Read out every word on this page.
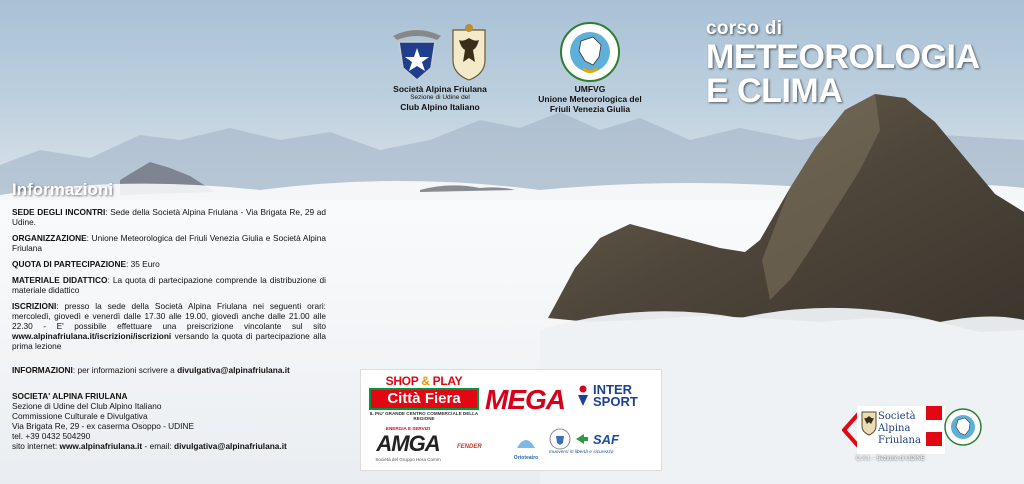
Società Alpina Friulana
Sezione di Udine del
Club Alpino Italiano
UMFVG
Unione Meteorologica del
Friuli Venezia Giulia
corso di
METEOROLOGIA
E CLIMA
Informazioni

SEDE DEGLI INCONTRI: Sede della Società Alpina Friulana - Via Brigata Re, 29 ad Udine.

ORGANIZZAZIONE: Unione Meteorologica del Friuli Venezia Giulia e Società Alpina Friulana

QUOTA DI PARTECIPAZIONE: 35 Euro

MATERIALE DIDATTICO: La quota di partecipazione comprende la distribuzione di materiale didattico

ISCRIZIONI: presso la sede della Società Alpina Friulana nei seguenti orari: mercoledì, giovedì e venerdì dalle 17.30 alle 19.00, giovedì anche dalle 21.00 alle 22.30 - E' possibile effettuare una preiscrizione vincolante sul sito www.alpinafriulana.it/iscrizioni/iscrizioni versando la quota di partecipazione alla prima lezione

INFORMAZIONI: per informazioni scrivere a divulgativa@alpinafriulana.it

SOCIETA' ALPINA FRIULANA
Sezione di Udine del Club Alpino Italiano
Commissione Culturale e Divulgativa
Via Brigata Re, 29 - ex caserma Osoppo - UDINE
tel. +39 0432 504290
sito internet: www.alpinafriulana.it - email: divulgativa@alpinafriulana.it
SHOP & PLAY
Città Fiera
IL PIU' GRANDE CENTRO COMMERCIALE DELLA REGIONE
MEGA INTER
SPORT
ENERGIA E SERVIZI
AMGA
Società del Gruppo Hera Comm
FENDER
Ortoteatro
SAF
muoversi in libertà e sicurezza
Società
Alpina
Friulana
C.A.I. - Sezione di UDINE
